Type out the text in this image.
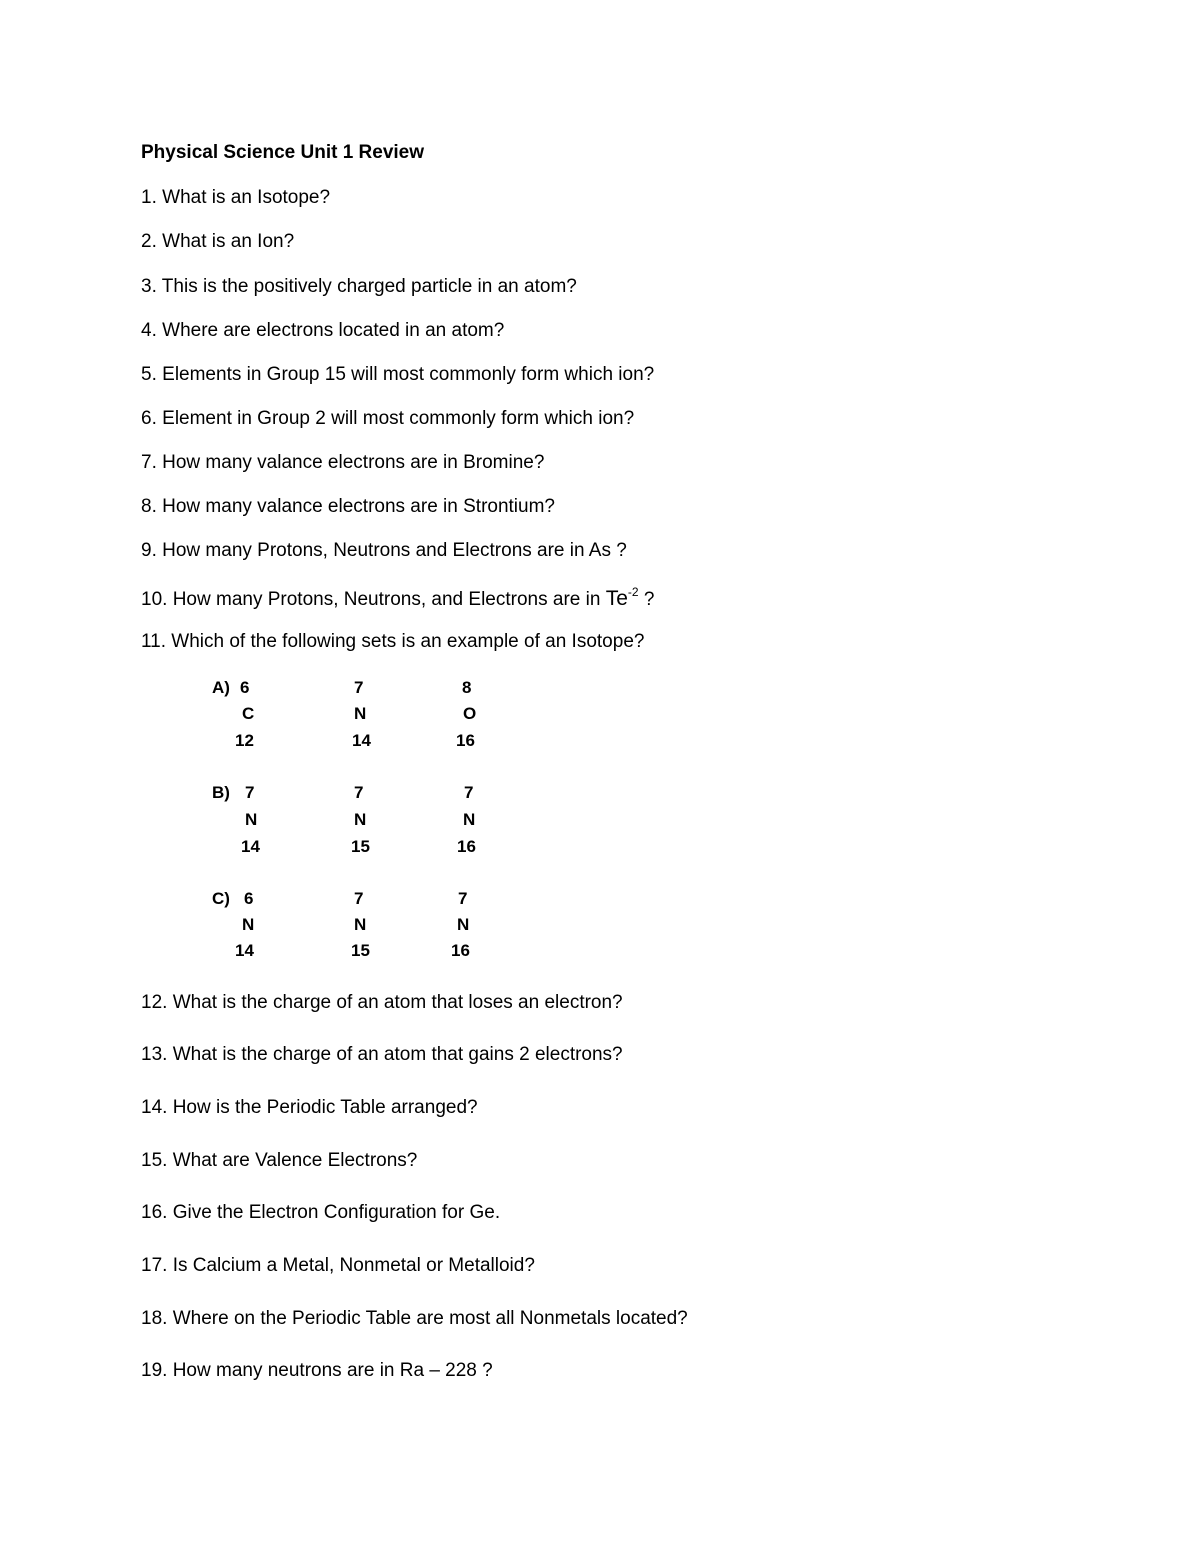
Physical Science Unit 1 Review
1. What is an Isotope?
2. What is an Ion?
3. This is the positively charged particle in an atom?
4. Where are electrons located in an atom?
5. Elements in Group 15 will most commonly form which ion?
6. Element in Group 2 will most commonly form which ion?
7. How many valance electrons are in Bromine?
8. How many valance electrons are in Strontium?
9. How many Protons, Neutrons and Electrons are in As ?
10. How many Protons, Neutrons, and Electrons are in $Te^{-2}$ ?
11. Which of the following sets is an example of an Isotope?
A) 6
C
12
7
N
14
8
O
16
B) 7
N
14
7
N
15
7
N
16
C) 6
N
14
7
N
15
7
N
16
12. What is the charge of an atom that loses an electron?
13. What is the charge of an atom that gains 2 electrons?
14. How is the Periodic Table arranged?
15. What are Valence Electrons?
16. Give the Electron Configuration for Ge.
17. Is Calcium a Metal, Nonmetal or Metalloid?
18. Where on the Periodic Table are most all Nonmetals located?
19. How many neutrons are in Ra – 228 ?
